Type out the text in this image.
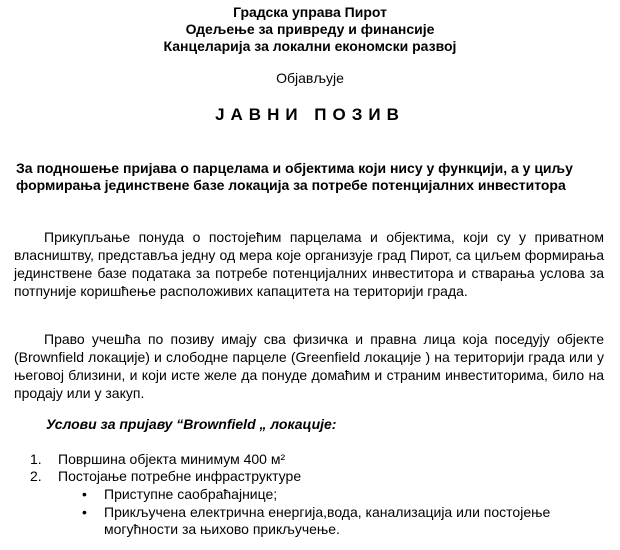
Градска управа Пирот
Одељење за привреду и финансије
Канцеларија за локални економски развој
Објављује
ЈАВНИ ПОЗИВ
За подношење пријава о парцелама и објектима који нису у функцији, а у циљу формирања јединствене базе локација за потребе потенцијалних инвеститора
Прикупљање понуда о постојећим парцелама и објектима, који су у приватном власништву, представља једну од мера које организује град Пирот, са циљем формирања јединствене базе података за потребе потенцијалних инвеститора и стварања услова за потпуније коришћење расположивих капацитета на територији града.
Право учешћа по позиву имају сва физичка и правна лица која поседују објекте (Brownfield локације) и слободне парцеле (Greenfield локације ) на територији града или у његовој близини, и који исте желе да понуде домаћим и страним инвеститорима, било на продају или у закуп.
Услови за пријаву “Brownfield „ локације:
1. Површина објекта минимум 400 м²
2. Постојање потребне инфраструктуре
• Приступне саобраћајнице;
• Прикључена електрична енергија,вода, канализација или постојење могућности за њихово прикључење.
